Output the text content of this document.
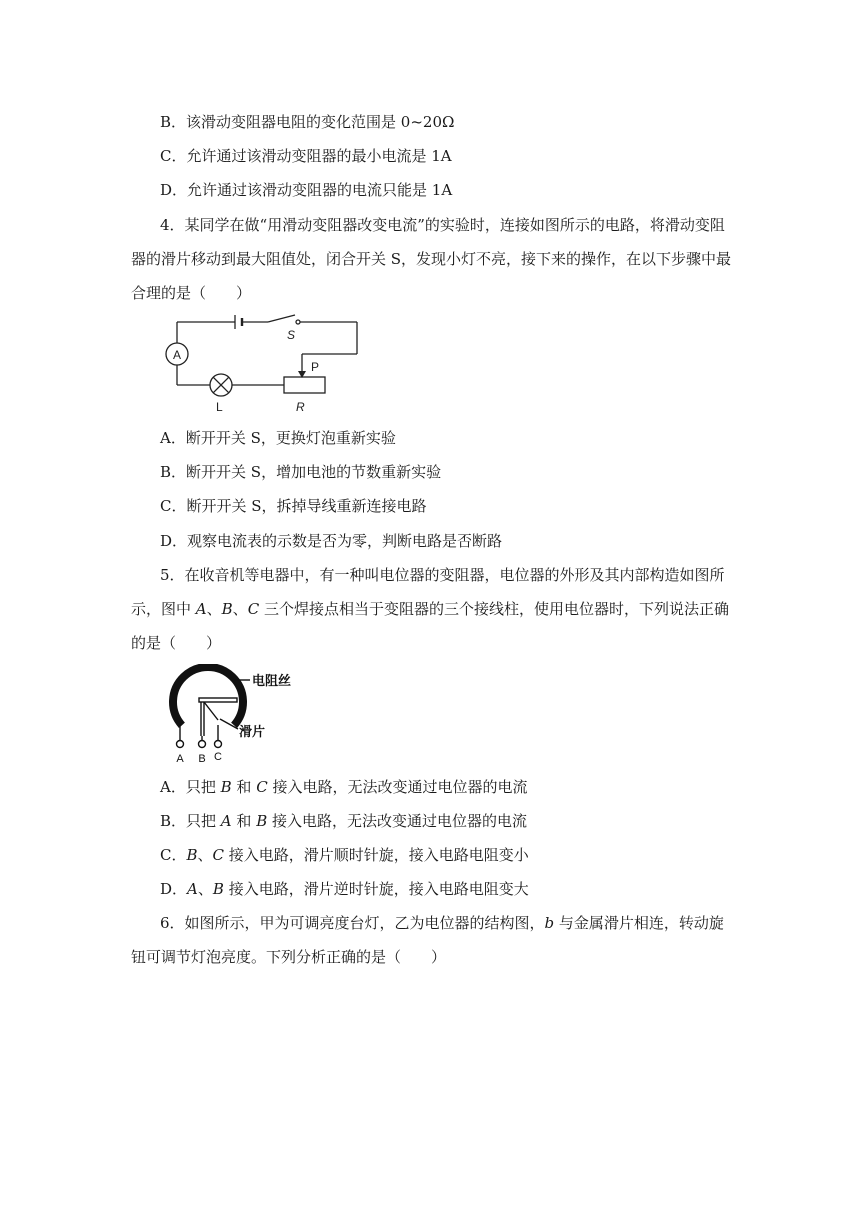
B．该滑动变阻器电阻的变化范围是 0~20Ω
C．允许通过该滑动变阻器的最小电流是 1A
D．允许通过该滑动变阻器的电流只能是 1A
4．某同学在做“用滑动变阻器改变电流”的实验时，连接如图所示的电路，将滑动变阻
器的滑片移动到最大阻值处，闭合开关 S，发现小灯不亮，接下来的操作，在以下步骤中最
合理的是（　　）
A
S
P
L	R
A．断开开关 S，更换灯泡重新实验
B．断开开关 S，增加电池的节数重新实验
C．断开开关 S，拆掉导线重新连接电路
D．观察电流表的示数是否为零，判断电路是否断路
5．在收音机等电器中，有一种叫电位器的变阻器，电位器的外形及其内部构造如图所
示，图中 A、B、C 三个焊接点相当于变阻器的三个接线柱，使用电位器时，下列说法正确
的是（　　）
电阻丝
滑片
A B C
A．只把 B 和 C 接入电路，无法改变通过电位器的电流
B．只把 A 和 B 接入电路，无法改变通过电位器的电流
C．B、C 接入电路，滑片顺时针旋，接入电路电阻变小
D．A、B 接入电路，滑片逆时针旋，接入电路电阻变大
6．如图所示，甲为可调亮度台灯，乙为电位器的结构图，b 与金属滑片相连，转动旋
钮可调节灯泡亮度。下列分析正确的是（　　）
